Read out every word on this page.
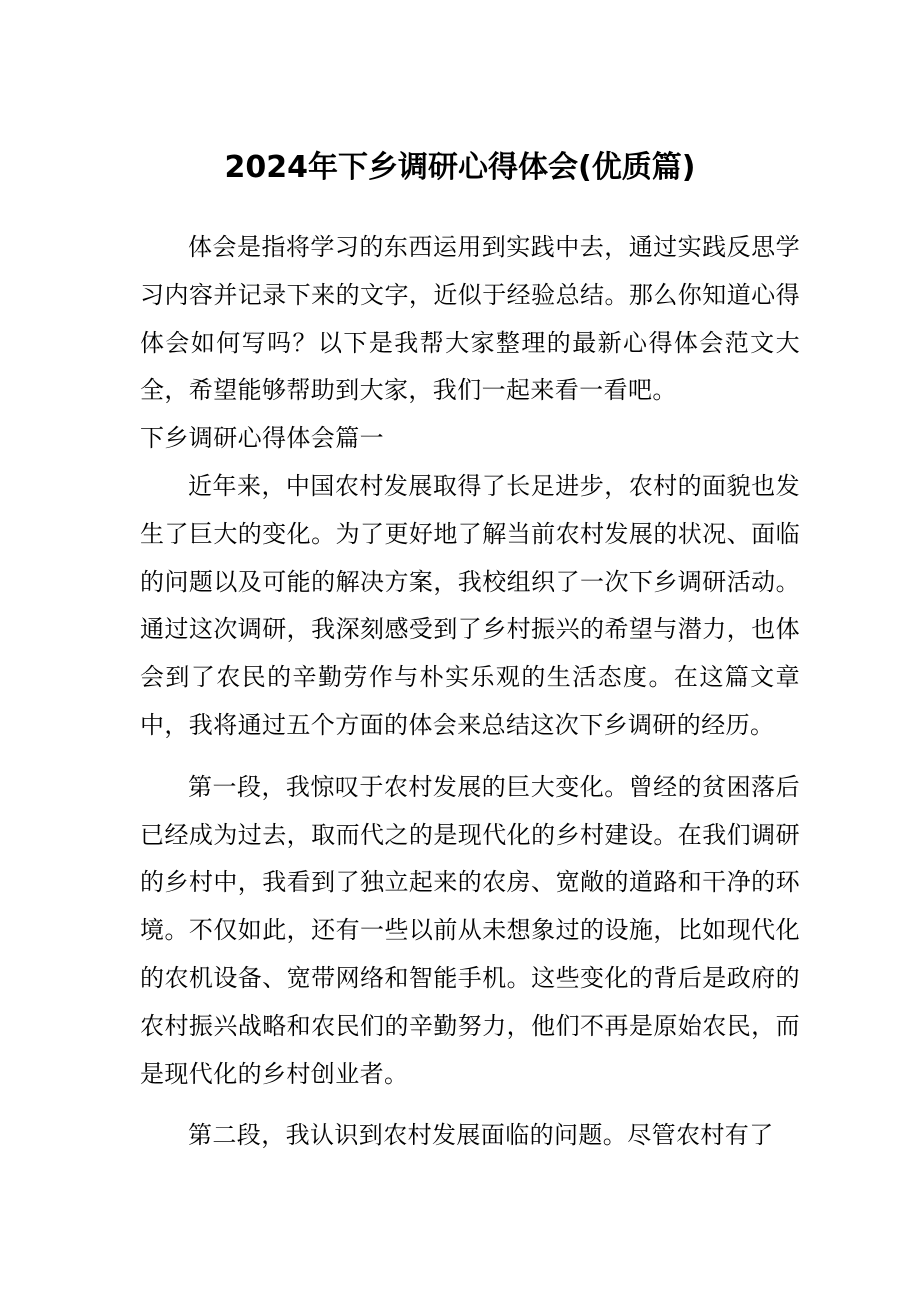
2024年下乡调研心得体会(优质篇)

体会是指将学习的东西运用到实践中去，通过实践反思学习内容并记录下来的文字，近似于经验总结。那么你知道心得体会如何写吗？以下是我帮大家整理的最新心得体会范文大全，希望能够帮助到大家，我们一起来看一看吧。

下乡调研心得体会篇一

近年来，中国农村发展取得了长足进步，农村的面貌也发生了巨大的变化。为了更好地了解当前农村发展的状况、面临的问题以及可能的解决方案，我校组织了一次下乡调研活动。通过这次调研，我深刻感受到了乡村振兴的希望与潜力，也体会到了农民的辛勤劳作与朴实乐观的生活态度。在这篇文章中，我将通过五个方面的体会来总结这次下乡调研的经历。

第一段，我惊叹于农村发展的巨大变化。曾经的贫困落后已经成为过去，取而代之的是现代化的乡村建设。在我们调研的乡村中，我看到了独立起来的农房、宽敞的道路和干净的环境。不仅如此，还有一些以前从未想象过的设施，比如现代化的农机设备、宽带网络和智能手机。这些变化的背后是政府的农村振兴战略和农民们的辛勤努力，他们不再是原始农民，而是现代化的乡村创业者。

第二段，我认识到农村发展面临的问题。尽管农村有了
